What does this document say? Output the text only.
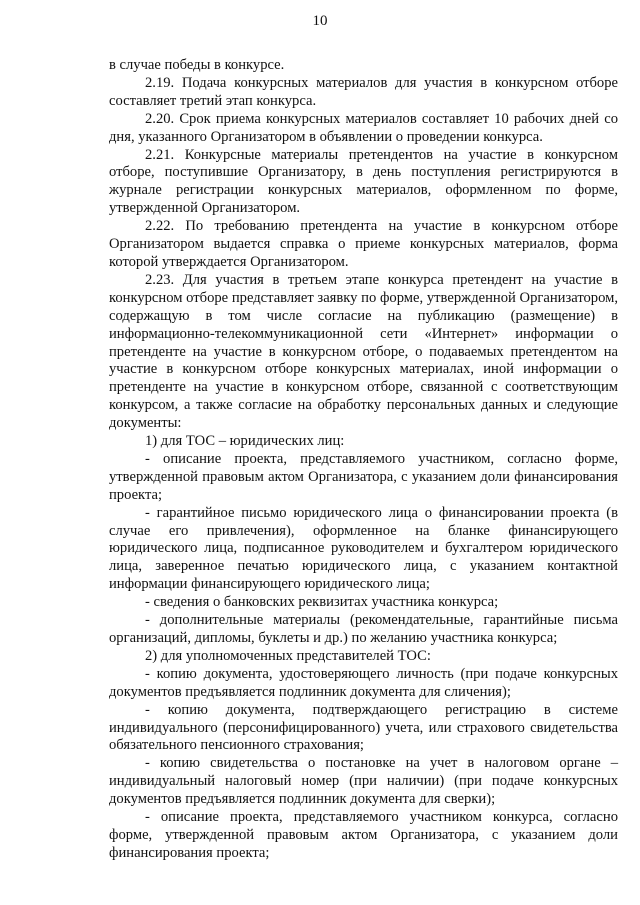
10

в случае победы в конкурсе.

2.19. Подача конкурсных материалов для участия в конкурсном отборе составляет третий этап конкурса.

2.20. Срок приема конкурсных материалов составляет 10 рабочих дней со дня, указанного Организатором в объявлении о проведении конкурса.

2.21. Конкурсные материалы претендентов на участие в конкурсном отборе, поступившие Организатору, в день поступления регистрируются в журнале регистрации конкурсных материалов, оформленном по форме, утвержденной Организатором.

2.22. По требованию претендента на участие в конкурсном отборе Организатором выдается справка о приеме конкурсных материалов, форма которой утверждается Организатором.

2.23. Для участия в третьем этапе конкурса претендент на участие в конкурсном отборе представляет заявку по форме, утвержденной Организатором, содержащую в том числе согласие на публикацию (размещение) в информационно-телекоммуникационной сети «Интернет» информации о претенденте на участие в конкурсном отборе, о подаваемых претендентом на участие в конкурсном отборе конкурсных материалах, иной информации о претенденте на участие в конкурсном отборе, связанной с соответствующим конкурсом, а также согласие на обработку персональных данных и следующие документы:

1) для ТОС – юридических лиц:

- описание проекта, представляемого участником, согласно форме, утвержденной правовым актом Организатора, с указанием доли финансирования проекта;

- гарантийное письмо юридического лица о финансировании проекта (в случае его привлечения), оформленное на бланке финансирующего юридического лица, подписанное руководителем и бухгалтером юридического лица, заверенное печатью юридического лица, с указанием контактной информации финансирующего юридического лица;

- сведения о банковских реквизитах участника конкурса;

- дополнительные материалы (рекомендательные, гарантийные письма организаций, дипломы, буклеты и др.) по желанию участника конкурса;

2) для уполномоченных представителей ТОС:

- копию документа, удостоверяющего личность (при подаче конкурсных документов предъявляется подлинник документа для сличения);

- копию документа, подтверждающего регистрацию в системе индивидуального (персонифицированного) учета, или страхового свидетельства обязательного пенсионного страхования;

- копию свидетельства о постановке на учет в налоговом органе – индивидуальный налоговый номер (при наличии) (при подаче конкурсных документов предъявляется подлинник документа для сверки);

- описание проекта, представляемого участником конкурса, согласно форме, утвержденной правовым актом Организатора, с указанием доли финансирования проекта;
